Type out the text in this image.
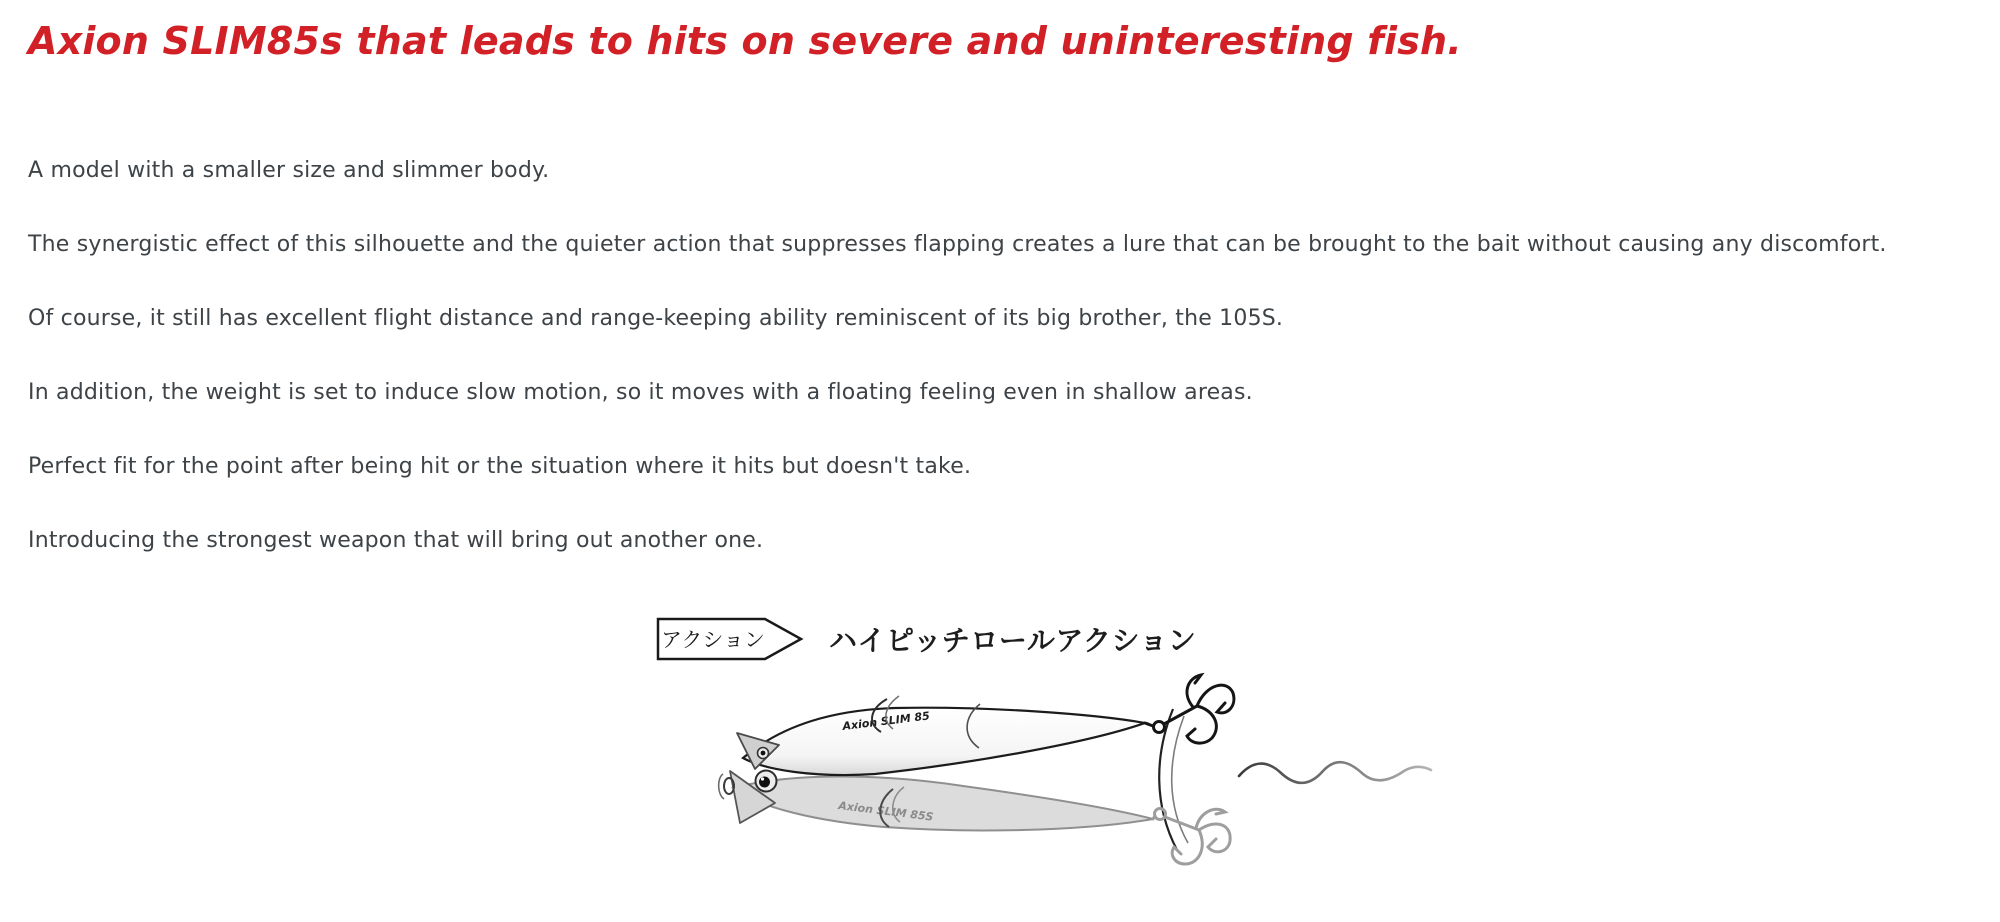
Axion SLIM85s that leads to hits on severe and uninteresting fish.

A model with a smaller size and slimmer body.

The synergistic effect of this silhouette and the quieter action that suppresses flapping creates a lure that can be brought to the bait without causing any discomfort.

Of course, it still has excellent flight distance and range-keeping ability reminiscent of its big brother, the 105S.

In addition, the weight is set to induce slow motion, so it moves with a floating feeling even in shallow areas.

Perfect fit for the point after being hit or the situation where it hits but doesn't take.

Introducing the strongest weapon that will bring out another one.

アクション ハイピッチロールアクション
Axion SLIM 85S
Axion SLIM 85
